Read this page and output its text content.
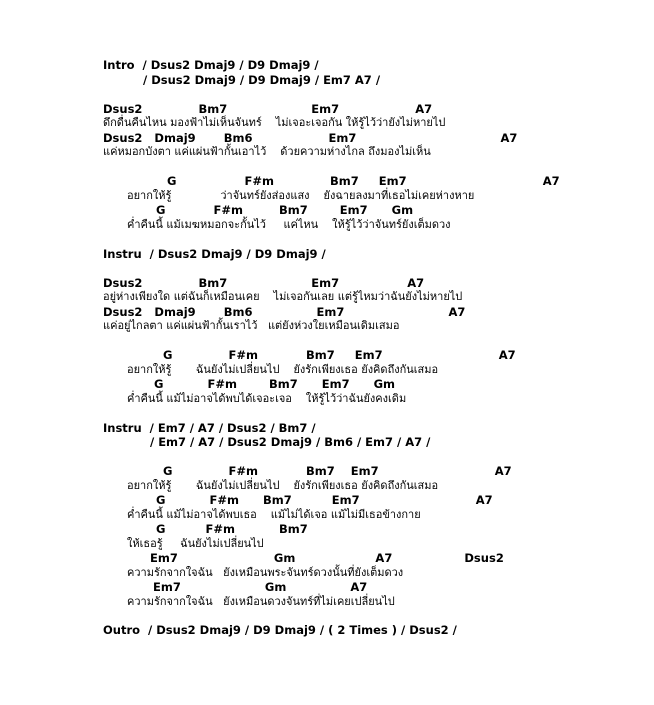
Intro  / Dsus2 Dmaj9 / D9 Dmaj9 /
/ Dsus2 Dmaj9 / D9 Dmaj9 / Em7 A7 /
Dsus2              Bm7                     Em7                   A7
ดึกดื่นคืนไหน มองฟ้าไม่เห็นจันทร์    ไม่เจอะเจอกัน ให้รู้ไว้ว่ายังไม่หายไป
Dsus2   Dmaj9       Bm6                   Em7                                    A7
แค่หมอกบังตา แค่แผ่นฟ้ากั้นเอาไว้    ด้วยความห่างไกล ถึงมองไม่เห็น
G                 F#m              Bm7     Em7                                  A7
อยากให้รู้              ว่าจันทร์ยังส่องแสง    ยังฉายลงมาที่เธอไม่เคยห่างหาย
G            F#m         Bm7        Em7      Gm
ค่ำคืนนี้ แม้เมฆหมอกจะกั้นไว้     แค่ไหน    ให้รู้ไว้ว่าจันทร์ยังเต็มดวง
Instru  / Dsus2 Dmaj9 / D9 Dmaj9 /
Dsus2              Bm7                     Em7                 A7
อยู่ห่างเพียงใด แต่ฉันก็เหมือนเคย    ไม่เจอกันเลย แต่รู้ไหมว่าฉันยังไม่หายไป
Dsus2   Dmaj9       Bm6                Em7                          A7
แค่อยู่ไกลตา แค่แผ่นฟ้ากั้นเราไว้   แต่ยังห่วงใยเหมือนเดิมเสมอ
G              F#m            Bm7     Em7                             A7
อยากให้รู้       ฉันยังไม่เปลี่ยนไป    ยังรักเพียงเธอ ยังคิดถึงกันเสมอ
G           F#m        Bm7      Em7      Gm
ค่ำคืนนี้ แม้ไม่อาจได้พบได้เจอะเจอ    ให้รู้ไว้ว่าฉันยังคงเดิม
Instru  / Em7 / A7 / Dsus2 / Bm7 /
/ Em7 / A7 / Dsus2 Dmaj9 / Bm6 / Em7 / A7 /
G              F#m            Bm7    Em7                             A7
อยากให้รู้       ฉันยังไม่เปลี่ยนไป    ยังรักเพียงเธอ ยังคิดถึงกันเสมอ
G           F#m      Bm7          Em7                             A7
ค่ำคืนนี้ แม้ไม่อาจได้พบเธอ    แม้ไม่ได้เจอ แม้ไม่มีเธอข้างกาย
G          F#m           Bm7
ให้เธอรู้     ฉันยังไม่เปลี่ยนไป
Em7                        Gm                    A7                  Dsus2
ความรักจากใจฉัน   ยังเหมือนพระจันทร์ดวงนั้นที่ยังเต็มดวง
Em7                     Gm                A7
ความรักจากใจฉัน   ยังเหมือนดวงจันทร์ที่ไม่เคยเปลี่ยนไป
Outro  / Dsus2 Dmaj9 / D9 Dmaj9 / ( 2 Times ) / Dsus2 /
